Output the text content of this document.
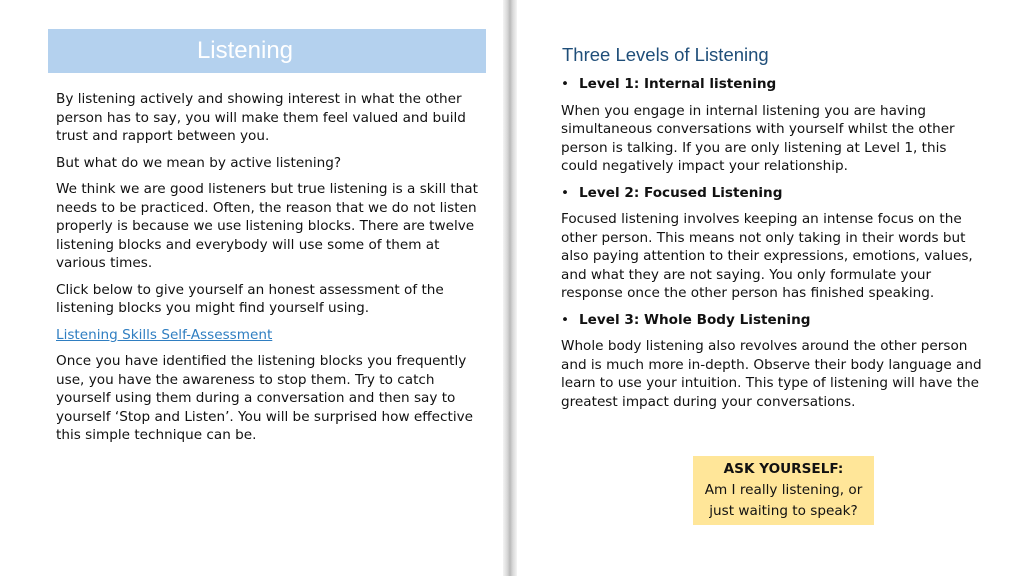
Listening

By listening actively and showing interest in what the other person has to say, you will make them feel valued and build trust and rapport between you.

But what do we mean by active listening?

We think we are good listeners but true listening is a skill that needs to be practiced. Often, the reason that we do not listen properly is because we use listening blocks. There are twelve listening blocks and everybody will use some of them at various times.

Click below to give yourself an honest assessment of the listening blocks you might find yourself using.

Listening Skills Self-Assessment

Once you have identified the listening blocks you frequently use, you have the awareness to stop them. Try to catch yourself using them during a conversation and then say to yourself ‘Stop and Listen’. You will be surprised how effective this simple technique can be.

Three Levels of Listening
• Level 1: Internal listening

When you engage in internal listening you are having simultaneous conversations with yourself whilst the other person is talking. If you are only listening at Level 1, this could negatively impact your relationship.

• Level 2: Focused Listening

Focused listening involves keeping an intense focus on the other person. This means not only taking in their words but also paying attention to their expressions, emotions, values, and what they are not saying. You only formulate your response once the other person has finished speaking.

• Level 3: Whole Body Listening

Whole body listening also revolves around the other person and is much more in-depth. Observe their body language and learn to use your intuition. This type of listening will have the greatest impact during your conversations.

ASK YOURSELF:
Am I really listening, or
just waiting to speak?
